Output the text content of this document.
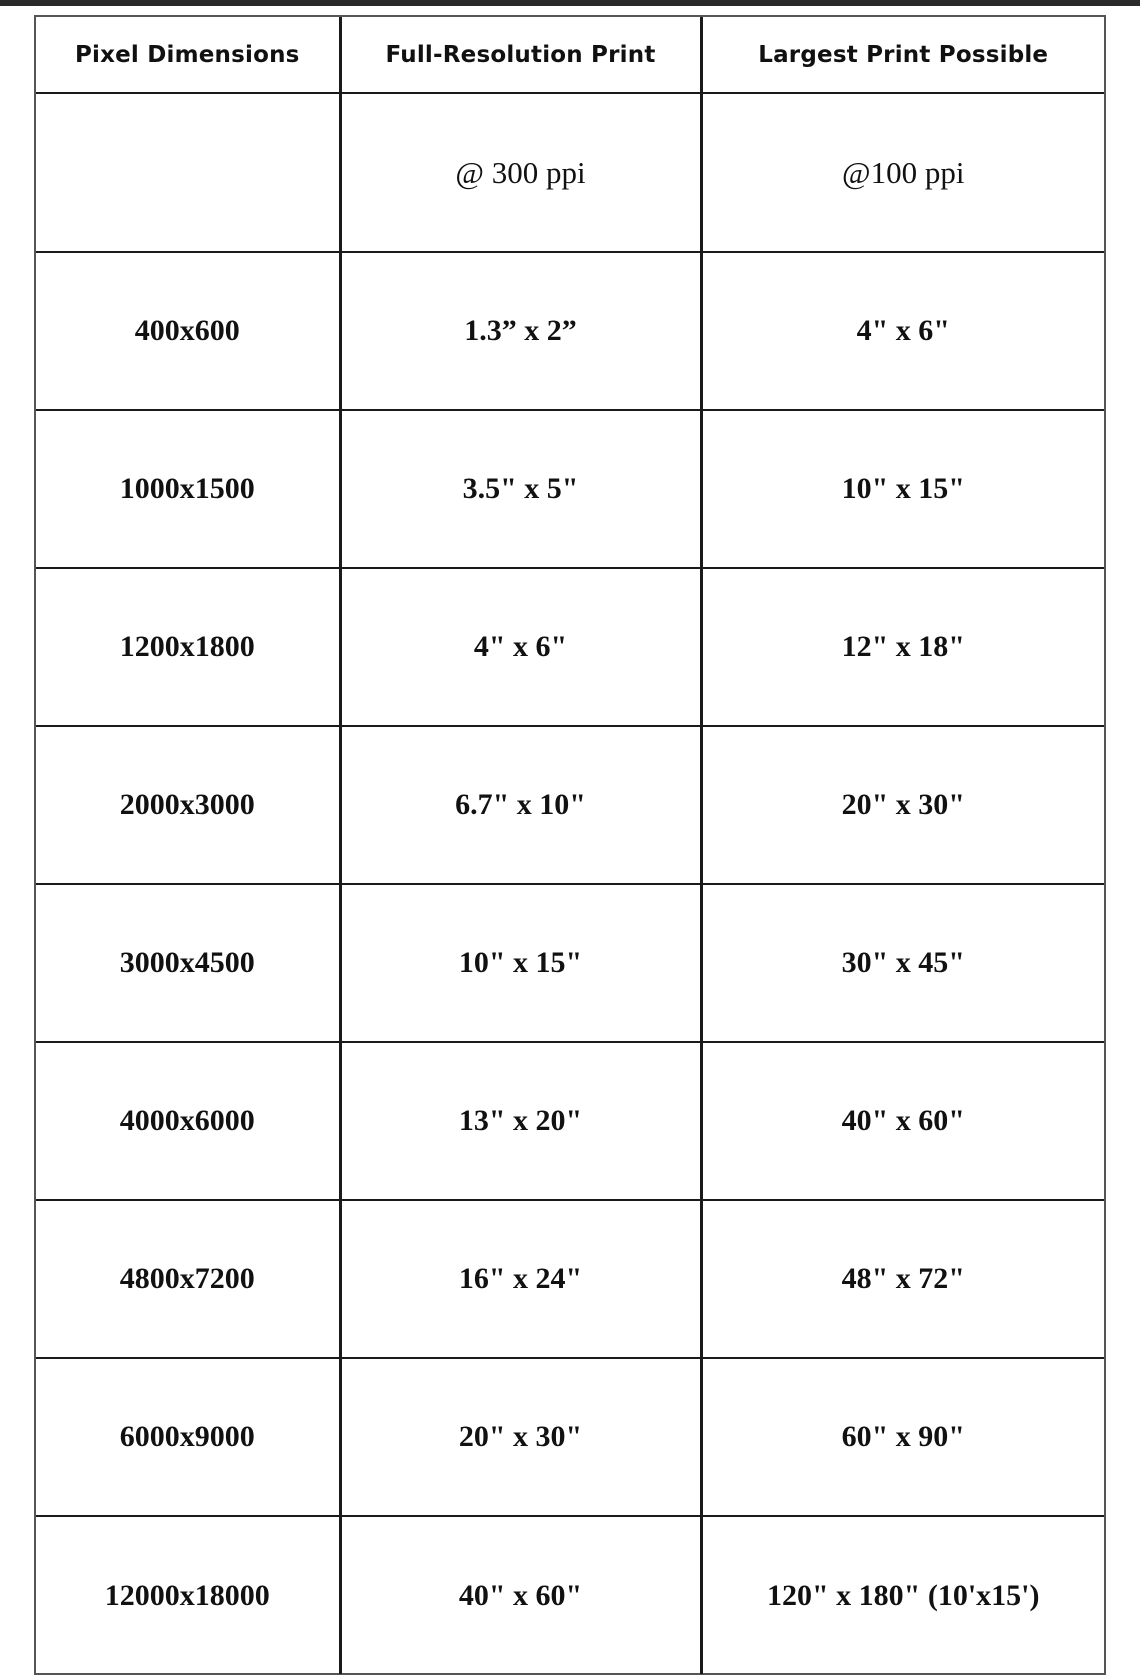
Pixel Dimensions	Full-Resolution Print	Largest Print Possible
	@ 300 ppi	@100 ppi
400x600	1.3” x 2”	4" x 6"
1000x1500	3.5" x 5"	10" x 15"
1200x1800	4" x 6"	12" x 18"
2000x3000	6.7" x 10"	20" x 30"
3000x4500	10" x 15"	30" x 45"
4000x6000	13" x 20"	40" x 60"
4800x7200	16" x 24"	48" x 72"
6000x9000	20" x 30"	60" x 90"
12000x18000	40" x 60"	120" x 180" (10'x15')
